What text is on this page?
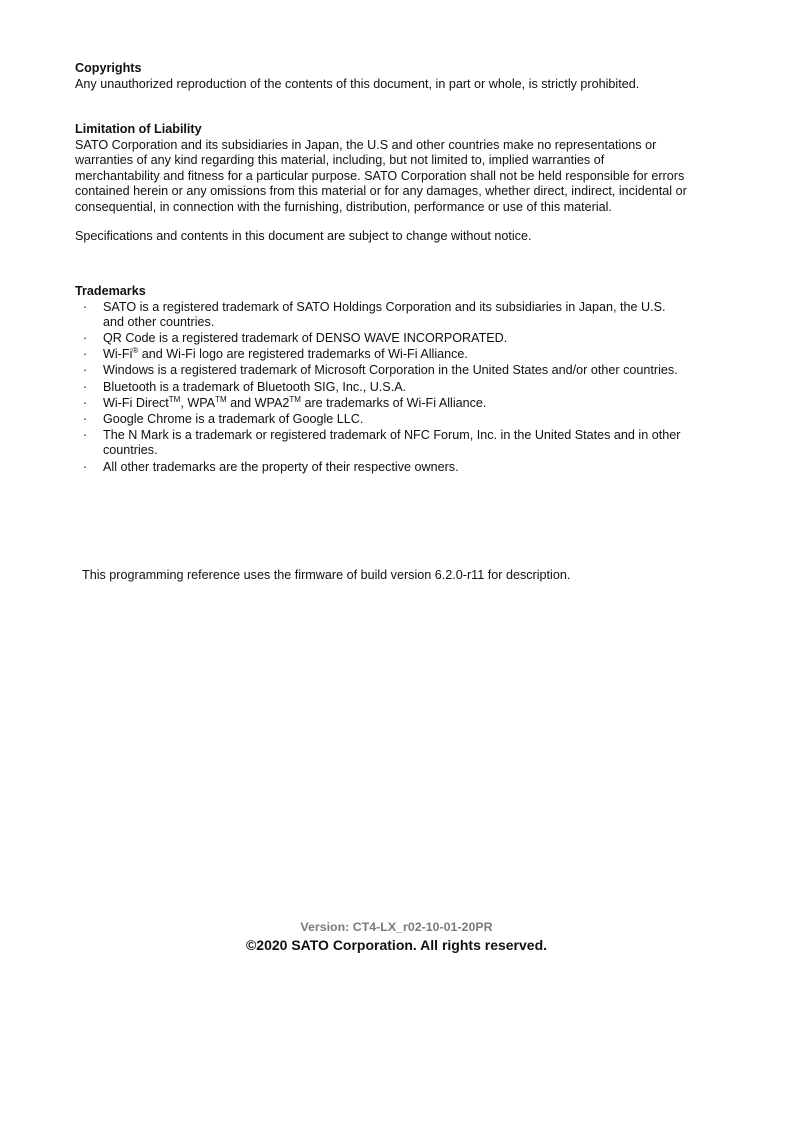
Copyrights

Any unauthorized reproduction of the contents of this document, in part or whole, is strictly prohibited.

Limitation of Liability

SATO Corporation and its subsidiaries in Japan, the U.S and other countries make no representations or
warranties of any kind regarding this material, including, but not limited to, implied warranties of
merchantability and fitness for a particular purpose. SATO Corporation shall not be held responsible for errors
contained herein or any omissions from this material or for any damages, whether direct, indirect, incidental or
consequential, in connection with the furnishing, distribution, performance or use of this material.

Specifications and contents in this document are subject to change without notice.

Trademarks

· SATO is a registered trademark of SATO Holdings Corporation and its subsidiaries in Japan, the U.S.
and other countries.
· QR Code is a registered trademark of DENSO WAVE INCORPORATED.
· Wi-Fi® and Wi-Fi logo are registered trademarks of Wi-Fi Alliance.
· Windows is a registered trademark of Microsoft Corporation in the United States and/or other countries.
· Bluetooth is a trademark of Bluetooth SIG, Inc., U.S.A.
· Wi-Fi Direct™, WPA™ and WPA2™ are trademarks of Wi-Fi Alliance.
· Google Chrome is a trademark of Google LLC.
· The N Mark is a trademark or registered trademark of NFC Forum, Inc. in the United States and in other
countries.
· All other trademarks are the property of their respective owners.

This programming reference uses the firmware of build version 6.2.0-r11 for description.

Version: CT4-LX_r02-10-01-20PR
©2020 SATO Corporation. All rights reserved.
